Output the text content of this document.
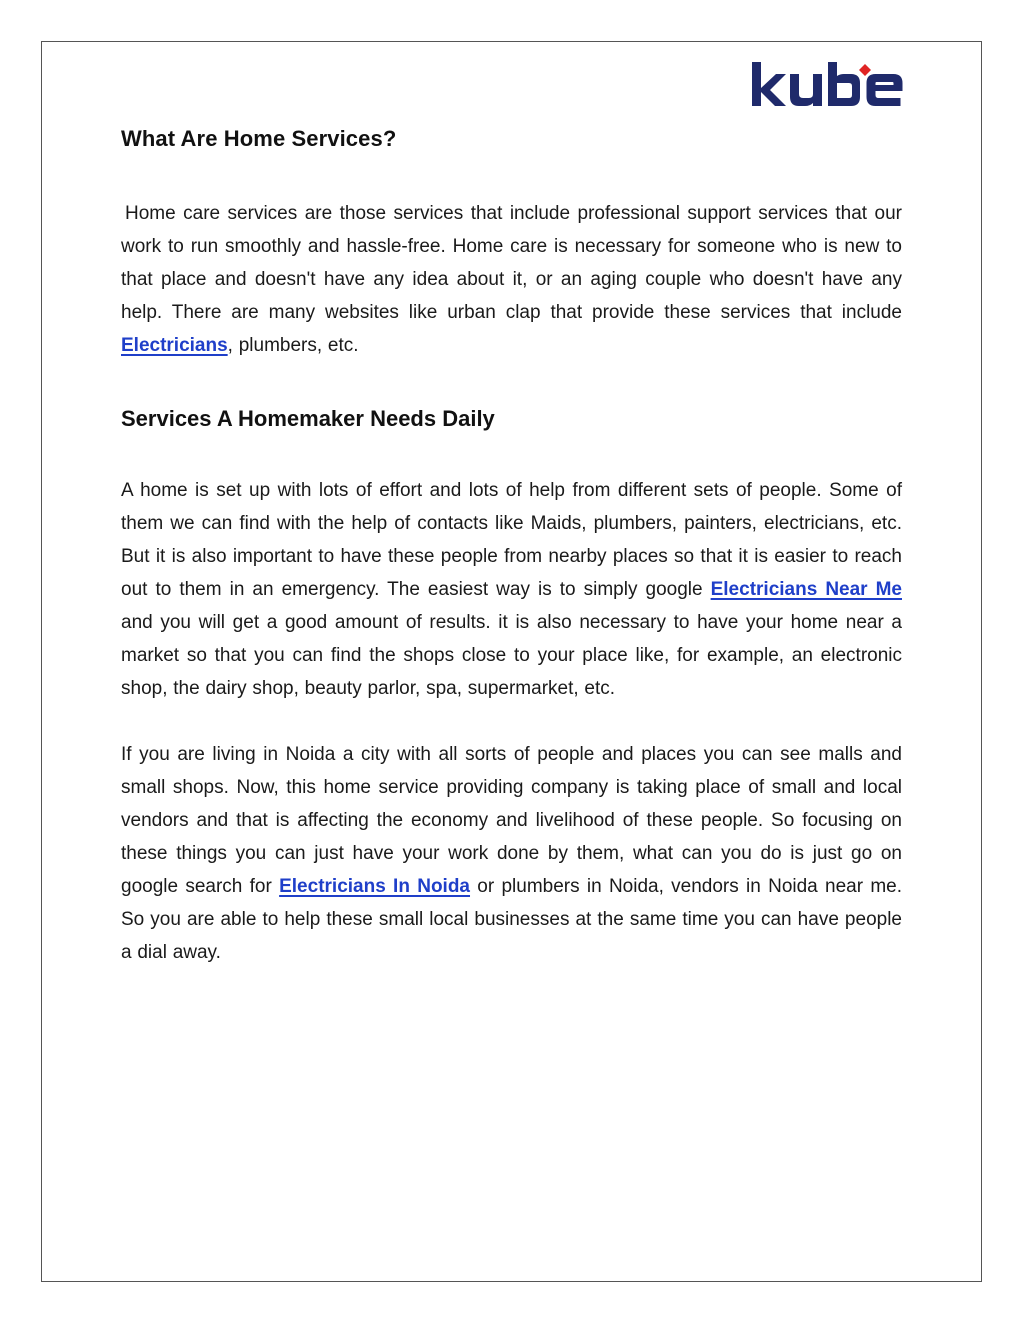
What Are Home Services?

Home care services are those services that include professional support services that our work to run smoothly and hassle-free. Home care is necessary for someone who is new to that place and doesn't have any idea about it, or an aging couple who doesn't have any help. There are many websites like urban clap that provide these services that include Electricians, plumbers, etc.

Services A Homemaker Needs Daily

A home is set up with lots of effort and lots of help from different sets of people. Some of them we can find with the help of contacts like Maids, plumbers, painters, electricians, etc. But it is also important to have these people from nearby places so that it is easier to reach out to them in an emergency. The easiest way is to simply google Electricians Near Me and you will get a good amount of results. it is also necessary to have your home near a market so that you can find the shops close to your place like, for example, an electronic shop, the dairy shop, beauty parlor, spa, supermarket, etc.

If you are living in Noida a city with all sorts of people and places you can see malls and small shops. Now, this home service providing company is taking place of small and local vendors and that is affecting the economy and livelihood of these people. So focusing on these things you can just have your work done by them, what can you do is just go on google search for Electricians In Noida or plumbers in Noida, vendors in Noida near me. So you are able to help these small local businesses at the same time you can have people a dial away.
